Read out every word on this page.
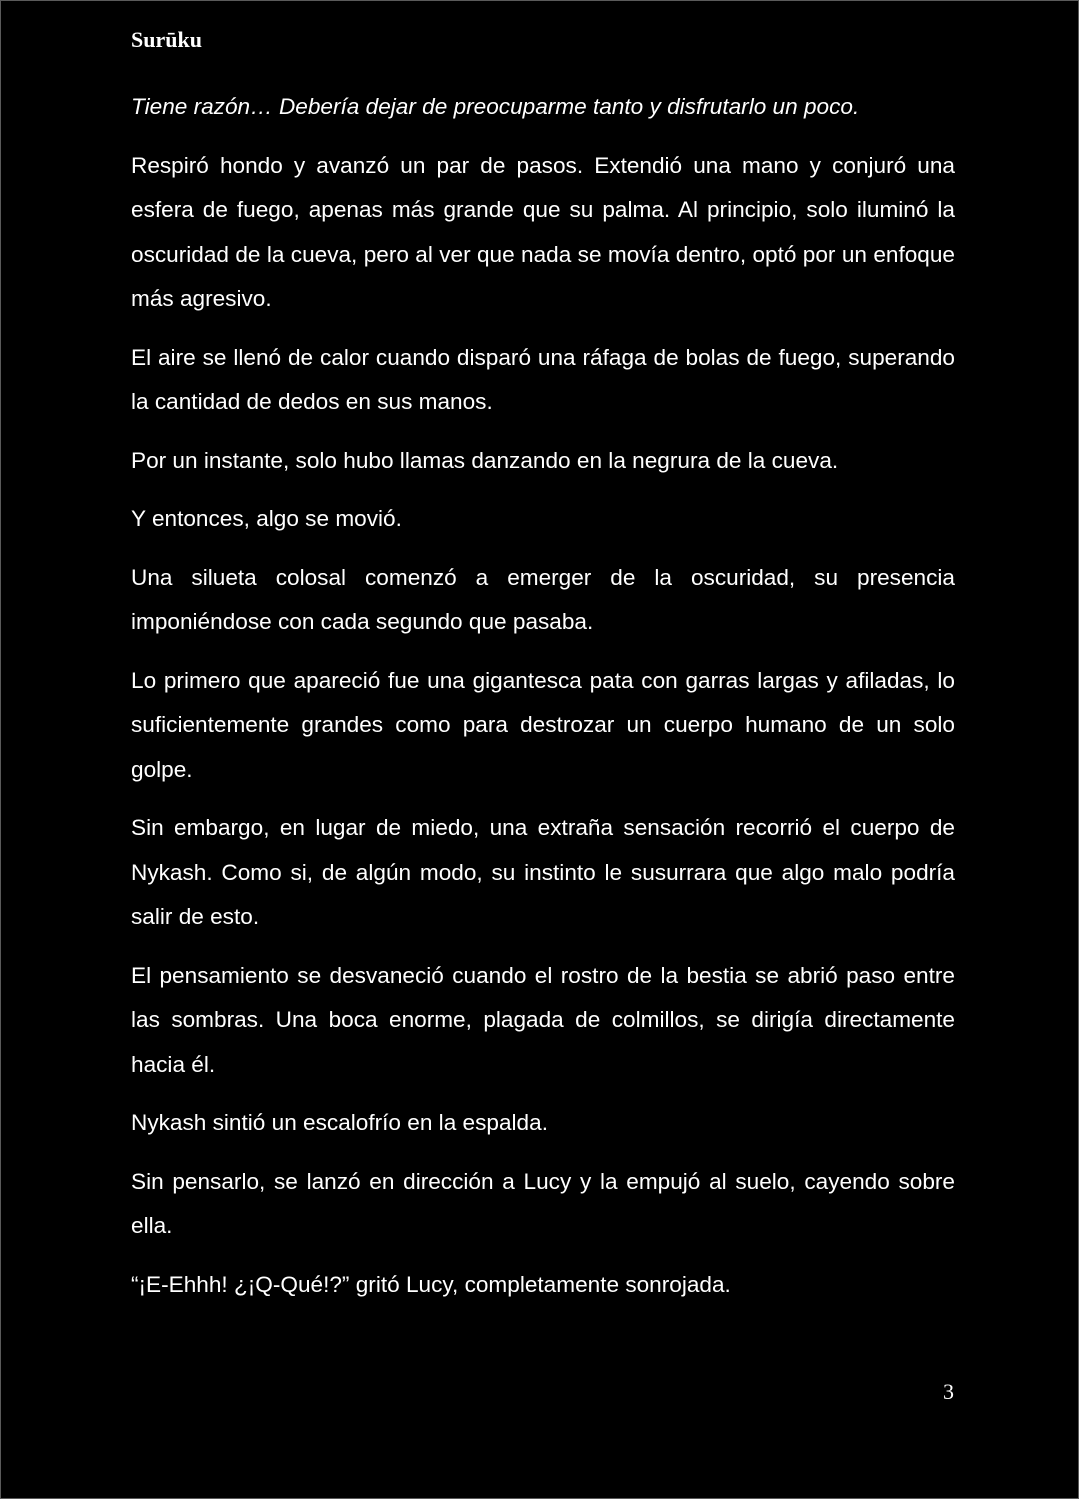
Surūku

Tiene razón… Debería dejar de preocuparme tanto y disfrutarlo un poco.

Respiró hondo y avanzó un par de pasos. Extendió una mano y conjuró una esfera de fuego, apenas más grande que su palma. Al principio, solo iluminó la oscuridad de la cueva, pero al ver que nada se movía dentro, optó por un enfoque más agresivo.

El aire se llenó de calor cuando disparó una ráfaga de bolas de fuego, superando la cantidad de dedos en sus manos.

Por un instante, solo hubo llamas danzando en la negrura de la cueva.

Y entonces, algo se movió.

Una silueta colosal comenzó a emerger de la oscuridad, su presencia imponiéndose con cada segundo que pasaba.

Lo primero que apareció fue una gigantesca pata con garras largas y afiladas, lo suficientemente grandes como para destrozar un cuerpo humano de un solo golpe.

Sin embargo, en lugar de miedo, una extraña sensación recorrió el cuerpo de Nykash. Como si, de algún modo, su instinto le susurrara que algo malo podría salir de esto.

El pensamiento se desvaneció cuando el rostro de la bestia se abrió paso entre las sombras. Una boca enorme, plagada de colmillos, se dirigía directamente hacia él.

Nykash sintió un escalofrío en la espalda.

Sin pensarlo, se lanzó en dirección a Lucy y la empujó al suelo, cayendo sobre ella.

“¡E-Ehhh! ¿¡Q-Qué!?” gritó Lucy, completamente sonrojada.

3
